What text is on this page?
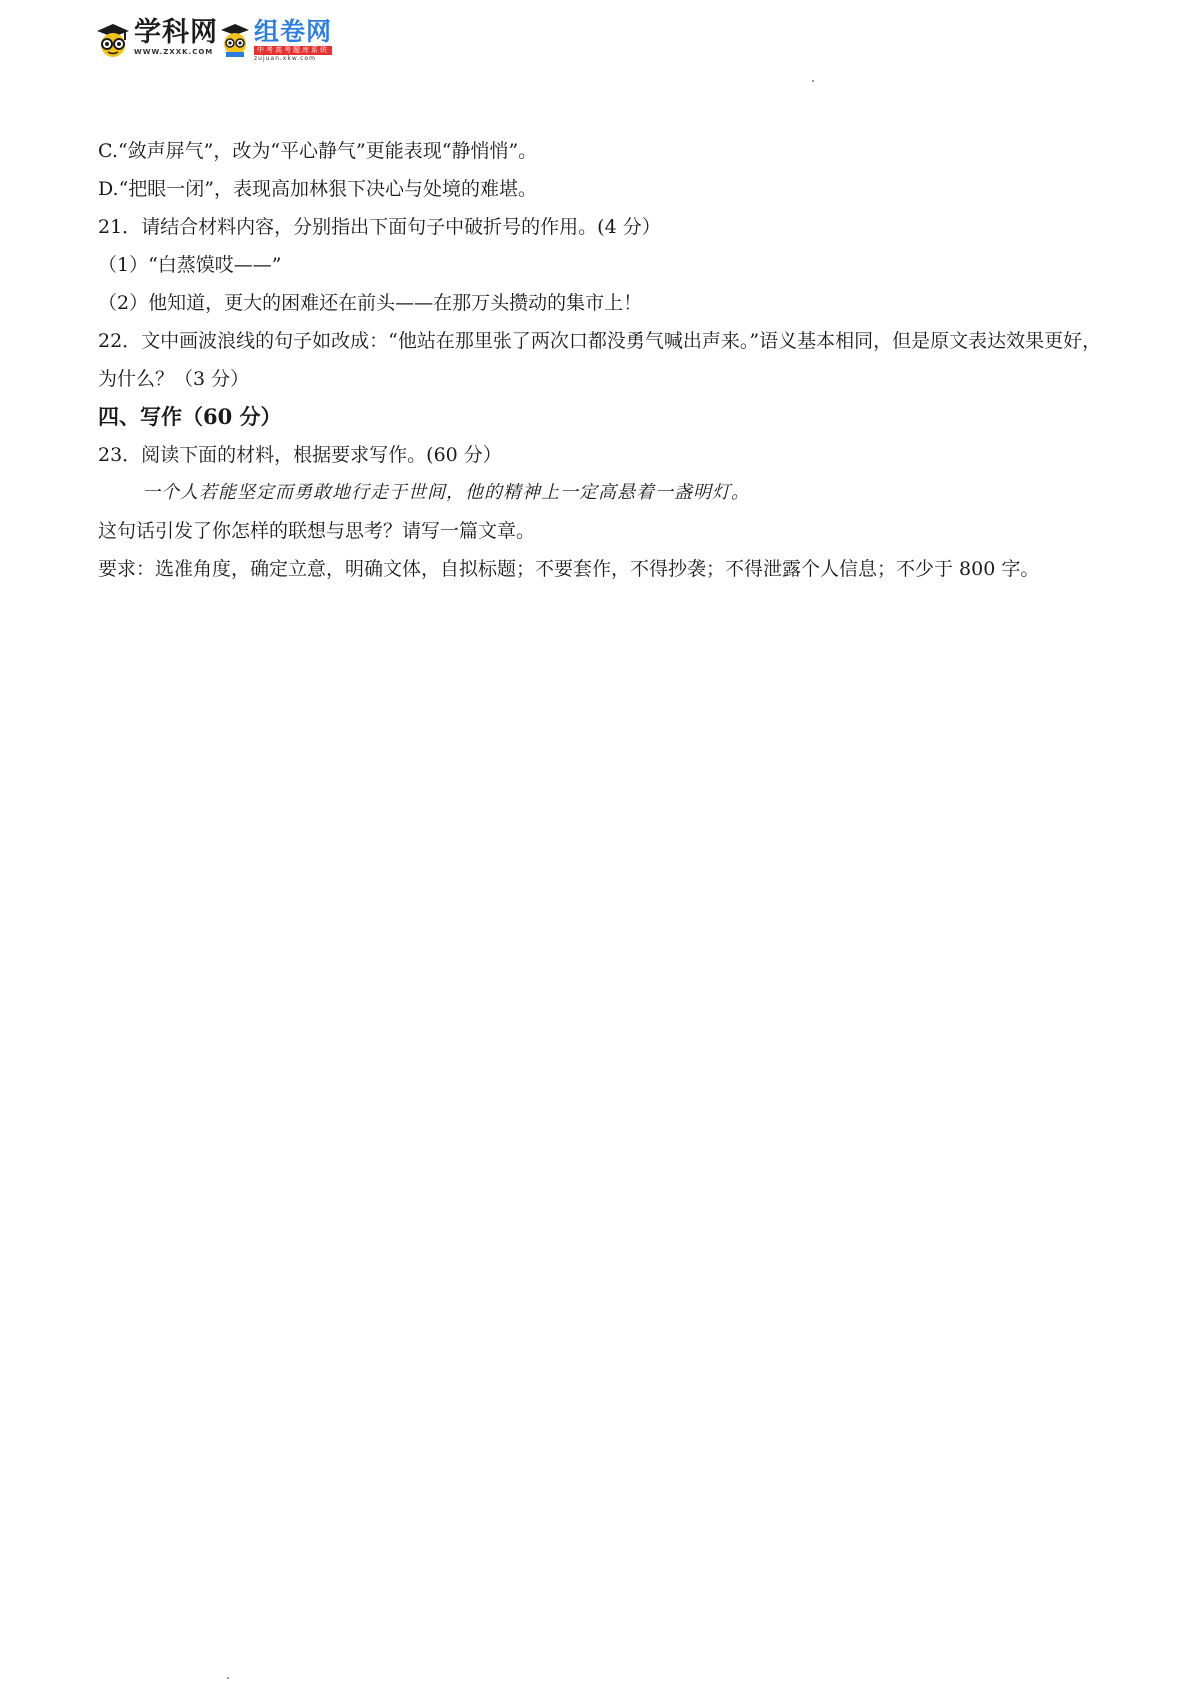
学科网
WWW.ZXXK.COM
组卷网
中考高考题库系统
zujuan.xkw.com
C.“敛声屏气”，改为“平心静气”更能表现“静悄悄”。
D.“把眼一闭”，表现高加林狠下决心与处境的难堪。
21．请结合材料内容，分别指出下面句子中破折号的作用。(4 分）
（1）“白蒸馍哎——”
（2）他知道，更大的困难还在前头——在那万头攒动的集市上！
22．文中画波浪线的句子如改成：“他站在那里张了两次口都没勇气喊出声来。”语义基本相同，但是原文表达效果更好，为什么？（3 分）
四、写作（60 分）
23．阅读下面的材料，根据要求写作。(60 分）
一个人若能坚定而勇敢地行走于世间，他的精神上一定高悬着一盏明灯。
这句话引发了你怎样的联想与思考？请写一篇文章。
要求：选准角度，确定立意，明确文体，自拟标题；不要套作，不得抄袭；不得泄露个人信息；不少于 800 字。
